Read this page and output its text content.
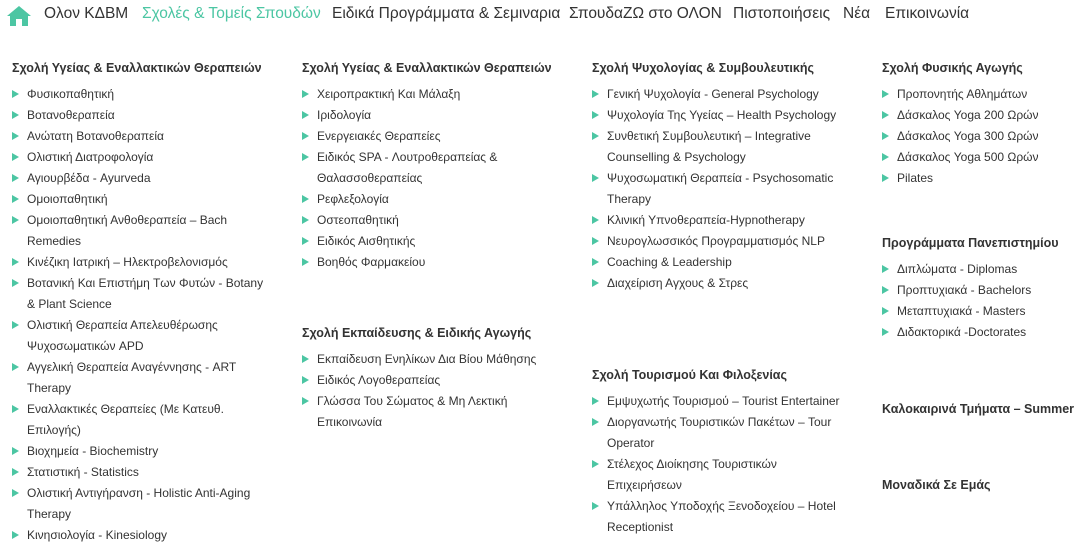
Ολον ΚΔΒΜ Σχολές & Τομείς Σπουδών Ειδικά Προγράμματα & Σεμιναρια ΣπουδαΖΩ στο ΟΛΟΝ Πιστοποιήσεις Νέα Επικοινωνία
Σχολή Υγείας & Εναλλακτικών Θεραπειών
Φυσικοπαθητική
Βοτανοθεραπεία
Ανώτατη Βοτανοθεραπεία
Ολιστική Διατροφολογία
Αγιουρβέδα - Ayurveda
Ομοιοπαθητική
Ομοιοπαθητική Ανθοθεραπεία – Bach Remedies
Κινέζικη Ιατρική – Ηλεκτροβελονισμός
Βοτανική Και Επιστήμη Των Φυτών - Botany & Plant Science
Ολιστική Θεραπεία Απελευθέρωσης Ψυχοσωματικών APD
Αγγελική Θεραπεία Αναγέννησης - ART Therapy
Εναλλακτικές Θεραπείες (Με Κατευθ. Επιλογής)
Βιοχημεία - Biochemistry
Στατιστική - Statistics
Ολιστική Αντιγήρανση - Holistic Anti-Aging Therapy
Κινησιολογία - Kinesiology
Σχολή Υγείας & Εναλλακτικών Θεραπειών
Χειροπρακτική Και Μάλαξη
Ιριδολογία
Ενεργειακές Θεραπείες
Ειδικός SPA - Λουτροθεραπείας & Θαλασσοθεραπείας
Ρεφλεξολογία
Οστεοπαθητική
Ειδικός Αισθητικής
Βοηθός Φαρμακείου
Σχολή Εκπαίδευσης & Ειδικής Αγωγής
Εκπαίδευση Ενηλίκων Δια Βίου Μάθησης
Ειδικός Λογοθεραπείας
Γλώσσα Του Σώματος & Μη Λεκτική Επικοινωνία
Σχολή Ψυχολογίας & Συμβουλευτικής
Γενική Ψυχολογία - General Psychology
Ψυχολογία Της Υγείας – Health Psychology
Συνθετική Συμβουλευτική – Integrative Counselling & Psychology
Ψυχοσωματική Θεραπεία - Psychosomatic Therapy
Κλινική Υπνοθεραπεία-Hypnotherapy
Νευρογλωσσικός Προγραμματισμός NLP
Coaching & Leadership
Διαχείριση Αγχους & Στρες
Σχολή Τουρισμού Και Φιλοξενίας
Εμψυχωτής Τουρισμού – Tourist Entertainer
Διοργανωτής Τουριστικών Πακέτων – Tour Operator
Στέλεχος Διοίκησης Τουριστικών Επιχειρήσεων
Υπάλληλος Υποδοχής Ξενοδοχείου – Hotel Receptionist
Σχολή Φυσικής Αγωγής
Προπονητής Αθλημάτων
Δάσκαλος Yoga 200 Ωρών
Δάσκαλος Yoga 300 Ωρών
Δάσκαλος Yoga 500 Ωρών
Pilates
Προγράμματα Πανεπιστημίου
Διπλώματα - Diplomas
Προπτυχιακά - Bachelors
Μεταπτυχιακά - Masters
Διδακτορικά -Doctorates
Καλοκαιρινά Τμήματα – Summer
Μοναδικά Σε Εμάς
